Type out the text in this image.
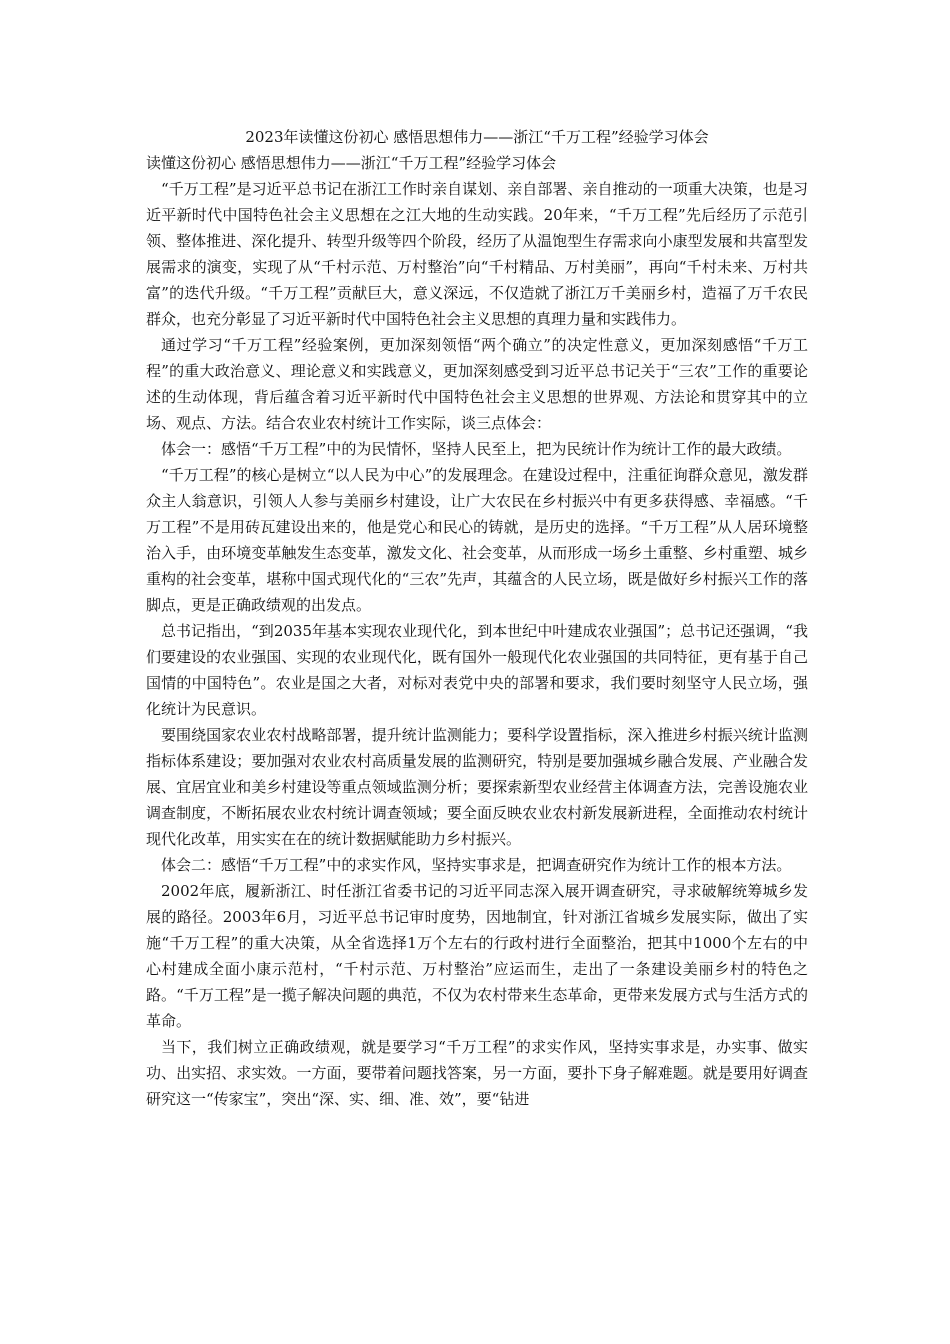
2023年读懂这份初心 感悟思想伟力——浙江“千万工程”经验学习体会

读懂这份初心 感悟思想伟力——浙江“千万工程”经验学习体会

“千万工程”是习近平总书记在浙江工作时亲自谋划、亲自部署、亲自推动的一项重大决策，也是习近平新时代中国特色社会主义思想在之江大地的生动实践。20年来，“千万工程”先后经历了示范引领、整体推进、深化提升、转型升级等四个阶段，经历了从温饱型生存需求向小康型发展和共富型发展需求的演变，实现了从“千村示范、万村整治”向“千村精品、万村美丽”，再向“千村未来、万村共富”的迭代升级。“千万工程”贡献巨大，意义深远，不仅造就了浙江万千美丽乡村，造福了万千农民群众，也充分彰显了习近平新时代中国特色社会主义思想的真理力量和实践伟力。

通过学习“千万工程”经验案例，更加深刻领悟“两个确立”的决定性意义，更加深刻感悟“千万工程”的重大政治意义、理论意义和实践意义，更加深刻感受到习近平总书记关于“三农”工作的重要论述的生动体现，背后蕴含着习近平新时代中国特色社会主义思想的世界观、方法论和贯穿其中的立场、观点、方法。结合农业农村统计工作实际，谈三点体会：

体会一：感悟“千万工程”中的为民情怀，坚持人民至上，把为民统计作为统计工作的最大政绩。

“千万工程”的核心是树立“以人民为中心”的发展理念。在建设过程中，注重征询群众意见，激发群众主人翁意识，引领人人参与美丽乡村建设，让广大农民在乡村振兴中有更多获得感、幸福感。“千万工程”不是用砖瓦建设出来的，他是党心和民心的铸就，是历史的选择。“千万工程”从人居环境整治入手，由环境变革触发生态变革，激发文化、社会变革，从而形成一场乡土重整、乡村重塑、城乡重构的社会变革，堪称中国式现代化的“三农”先声，其蕴含的人民立场，既是做好乡村振兴工作的落脚点，更是正确政绩观的出发点。

总书记指出，“到2035年基本实现农业现代化，到本世纪中叶建成农业强国”；总书记还强调，“我们要建设的农业强国、实现的农业现代化，既有国外一般现代化农业强国的共同特征，更有基于自己国情的中国特色”。农业是国之大者，对标对表党中央的部署和要求，我们要时刻坚守人民立场，强化统计为民意识。

要围绕国家农业农村战略部署，提升统计监测能力；要科学设置指标，深入推进乡村振兴统计监测指标体系建设；要加强对农业农村高质量发展的监测研究，特别是要加强城乡融合发展、产业融合发展、宜居宜业和美乡村建设等重点领域监测分析；要探索新型农业经营主体调查方法，完善设施农业调查制度，不断拓展农业农村统计调查领域；要全面反映农业农村新发展新进程，全面推动农村统计现代化改革，用实实在在的统计数据赋能助力乡村振兴。

体会二：感悟“千万工程”中的求实作风，坚持实事求是，把调查研究作为统计工作的根本方法。

2002年底，履新浙江、时任浙江省委书记的习近平同志深入展开调查研究，寻求破解统筹城乡发展的路径。2003年6月，习近平总书记审时度势，因地制宜，针对浙江省城乡发展实际，做出了实施“千万工程”的重大决策，从全省选择1万个左右的行政村进行全面整治，把其中1000个左右的中心村建成全面小康示范村，“千村示范、万村整治”应运而生，走出了一条建设美丽乡村的特色之路。“千万工程”是一揽子解决问题的典范，不仅为农村带来生态革命，更带来发展方式与生活方式的革命。

当下，我们树立正确政绩观，就是要学习“千万工程”的求实作风，坚持实事求是，办实事、做实功、出实招、求实效。一方面，要带着问题找答案，另一方面，要扑下身子解难题。就是要用好调查研究这一“传家宝”，突出“深、实、细、准、效”，要“钻进
